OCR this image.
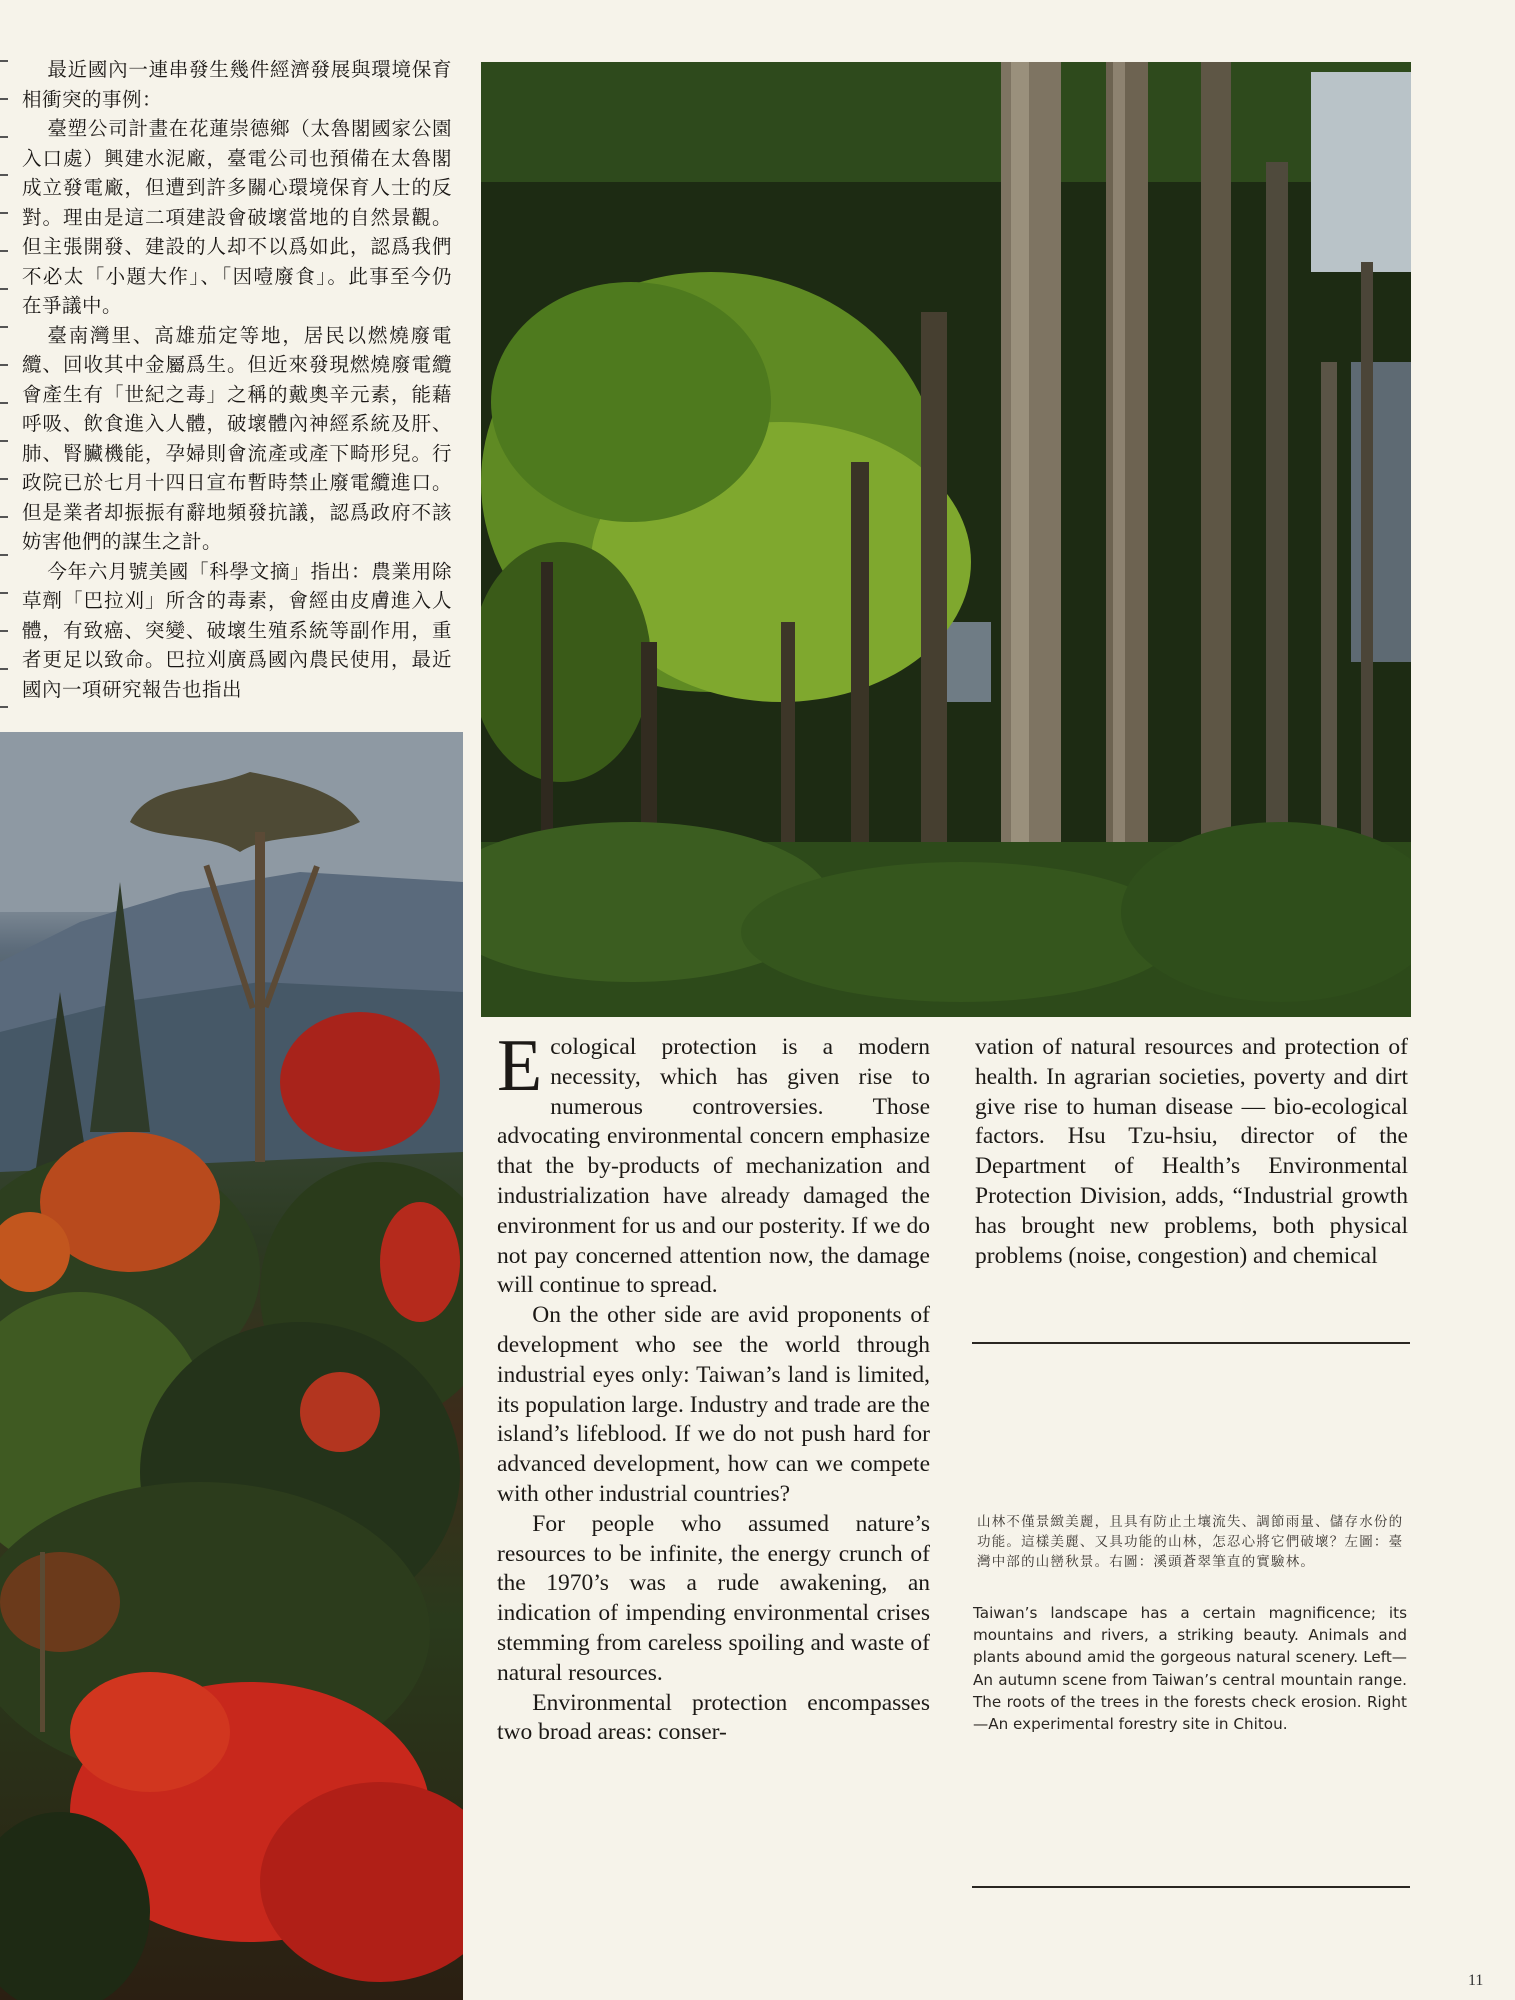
最近國內一連串發生幾件經濟發展與環境保育相衝突的事例：

臺塑公司計畫在花蓮崇德鄉（太魯閣國家公園入口處）興建水泥廠，臺電公司也預備在太魯閣成立發電廠，但遭到許多關心環境保育人士的反對。理由是這二項建設會破壞當地的自然景觀。但主張開發、建設的人却不以爲如此，認爲我們不必太「小題大作」、「因噎廢食」。此事至今仍在爭議中。

臺南灣里、高雄茄定等地，居民以燃燒廢電纜、回收其中金屬爲生。但近來發現燃燒廢電纜會產生有「世紀之毒」之稱的戴奧辛元素，能藉呼吸、飲食進入人體，破壞體內神經系統及肝、肺、腎臟機能，孕婦則會流產或產下畸形兒。行政院已於七月十四日宣布暫時禁止廢電纜進口。但是業者却振振有辭地頻發抗議，認爲政府不該妨害他們的謀生之計。

今年六月號美國「科學文摘」指出：農業用除草劑「巴拉刈」所含的毒素，會經由皮膚進入人體，有致癌、突變、破壞生殖系統等副作用，重者更足以致命。巴拉刈廣爲國內農民使用，最近國內一項研究報告也指出

Ecological protection is a modern necessity, which has given rise to numerous controversies. Those advocating environmental concern emphasize that the by-products of mechanization and industrialization have already damaged the environment for us and our posterity. If we do not pay concerned attention now, the damage will continue to spread.

On the other side are avid proponents of development who see the world through industrial eyes only: Taiwan’s land is limited, its population large. Industry and trade are the island’s lifeblood. If we do not push hard for advanced development, how can we compete with other industrial countries?

For people who assumed nature’s resources to be infinite, the energy crunch of the 1970’s was a rude awakening, an indication of impending environmental crises stemming from careless spoiling and waste of natural resources.

Environmental protection encompasses two broad areas: conser-

vation of natural resources and protection of health. In agrarian societies, poverty and dirt give rise to human disease — bio-ecological factors. Hsu Tzu-hsiu, director of the Department of Health’s Environmental Protection Division, adds, “Industrial growth has brought new problems, both physical problems (noise, congestion) and chemical

山林不僅景緻美麗，且具有防止土壤流失、調節雨量、儲存水份的功能。這樣美麗、又具功能的山林，怎忍心將它們破壞？左圖：臺灣中部的山巒秋景。右圖：溪頭蒼翠筆直的實驗林。
Taiwan’s landscape has a certain magnificence; its mountains and rivers, a striking beauty. Animals and plants abound amid the gorgeous natural scenery. Left— An autumn scene from Taiwan’s central mountain range. The roots of the trees in the forests check erosion. Right—An experimental forestry site in Chitou.
11
